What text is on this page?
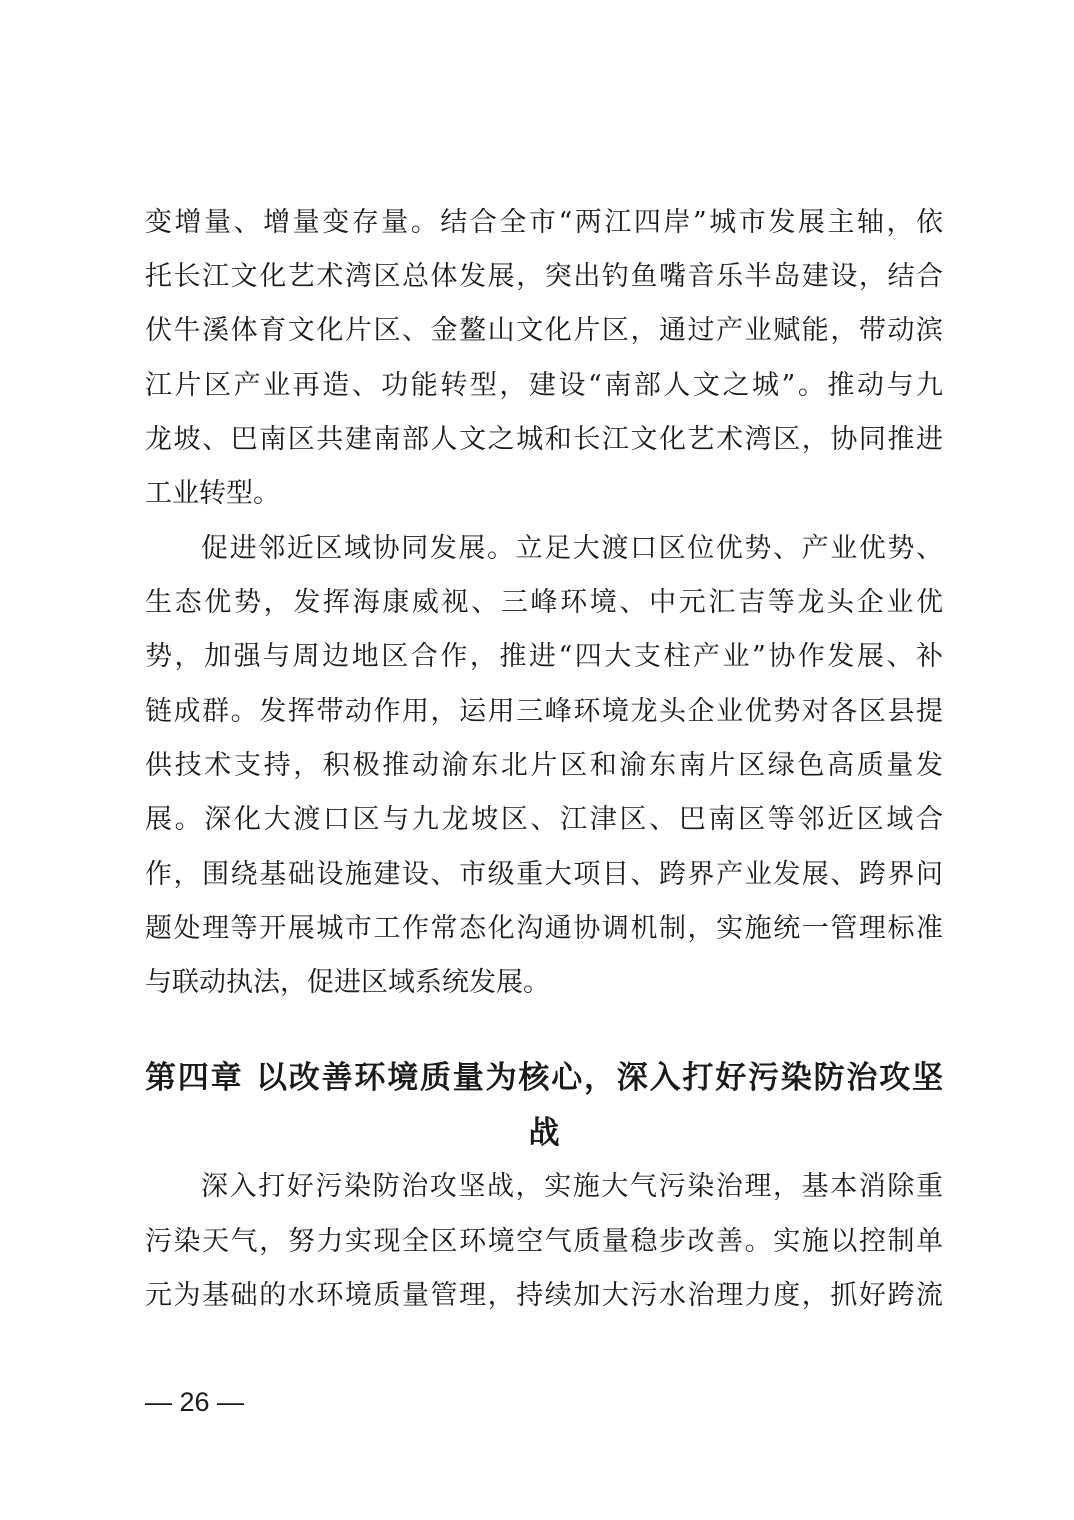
变增量、增量变存量。结合全市“两江四岸”城市发展主轴，依
托长江文化艺术湾区总体发展，突出钓鱼嘴音乐半岛建设，结合
伏牛溪体育文化片区、金鳌山文化片区，通过产业赋能，带动滨
江片区产业再造、功能转型，建设“南部人文之城”。推动与九
龙坡、巴南区共建南部人文之城和长江文化艺术湾区，协同推进
工业转型。
促进邻近区域协同发展。立足大渡口区位优势、产业优势、
生态优势，发挥海康威视、三峰环境、中元汇吉等龙头企业优
势，加强与周边地区合作，推进“四大支柱产业”协作发展、补
链成群。发挥带动作用，运用三峰环境龙头企业优势对各区县提
供技术支持，积极推动渝东北片区和渝东南片区绿色高质量发
展。深化大渡口区与九龙坡区、江津区、巴南区等邻近区域合
作，围绕基础设施建设、市级重大项目、跨界产业发展、跨界问
题处理等开展城市工作常态化沟通协调机制，实施统一管理标准
与联动执法，促进区域系统发展。
第四章 以改善环境质量为核心，深入打好污染防治攻坚
战
深入打好污染防治攻坚战，实施大气污染治理，基本消除重
污染天气，努力实现全区环境空气质量稳步改善。实施以控制单
元为基础的水环境质量管理，持续加大污水治理力度，抓好跨流
— 26 —
